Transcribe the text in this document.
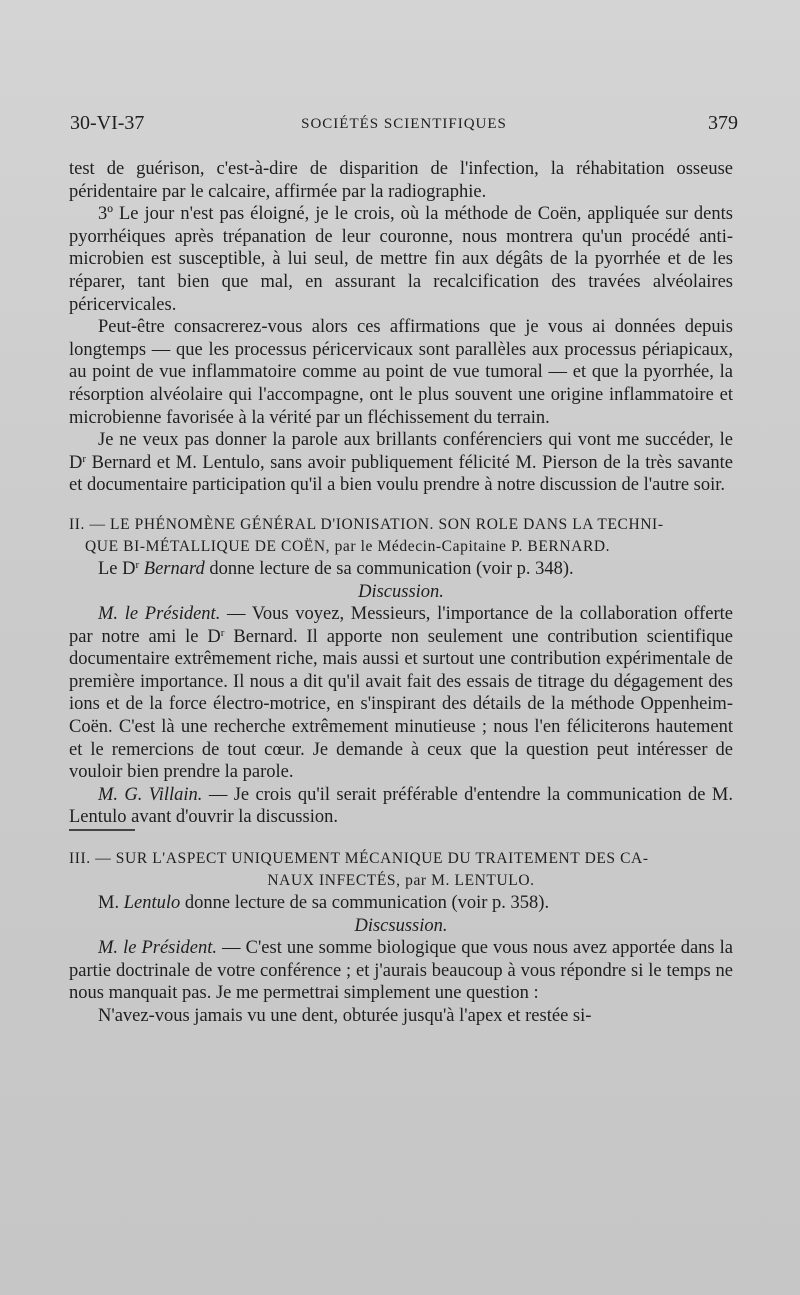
30-VI-37	SOCIÉTÉS SCIENTIFIQUES	379

test de guérison, c'est-à-dire de disparition de l'infection, la réhabitation osseuse péridentaire par le calcaire, affirmée par la radiographie.

3º Le jour n'est pas éloigné, je le crois, où la méthode de Coën, appliquée sur dents pyorrhéiques après trépanation de leur couronne, nous montrera qu'un procédé anti-microbien est susceptible, à lui seul, de mettre fin aux dégâts de la pyorrhée et de les réparer, tant bien que mal, en assurant la recalcification des travées alvéolaires péricervicales.

Peut-être consacrerez-vous alors ces affirmations que je vous ai données depuis longtemps — que les processus péricervicaux sont parallèles aux processus périapicaux, au point de vue inflammatoire comme au point de vue tumoral — et que la pyorrhée, la résorption alvéolaire qui l'accompagne, ont le plus souvent une origine inflammatoire et microbienne favorisée à la vérité par un fléchissement du terrain.

Je ne veux pas donner la parole aux brillants conférenciers qui vont me succéder, le $D^r$ Bernard et M. Lentulo, sans avoir publiquement félicité M. Pierson de la très savante et documentaire participation qu'il a bien voulu prendre à notre discussion de l'autre soir.

II. — LE PHÉNOMÈNE GÉNÉRAL D'IONISATION. SON ROLE DANS LA TECHNI-
QUE BI-MÉTALLIQUE DE COËN, par le Médecin-Capitaine P. BERNARD.

Le $D^r$ Bernard donne lecture de sa communication (voir p. 348).

Discussion.

M. le Président. — Vous voyez, Messieurs, l'importance de la collaboration offerte par notre ami le $D^r$ Bernard. Il apporte non seulement une contribution scientifique documentaire extrêmement riche, mais aussi et surtout une contribution expérimentale de première importance. Il nous a dit qu'il avait fait des essais de titrage du dégagement des ions et de la force électro-motrice, en s'inspirant des détails de la méthode Oppenheim-Coën. C'est là une recherche extrêmement minutieuse ; nous l'en féliciterons hautement et le remercions de tout cœur. Je demande à ceux que la question peut intéresser de vouloir bien prendre la parole.

M. G. Villain. — Je crois qu'il serait préférable d'entendre la communication de M. Lentulo avant d'ouvrir la discussion.

III. — SUR L'ASPECT UNIQUEMENT MÉCANIQUE DU TRAITEMENT DES CA-
NAUX INFECTÉS, par M. LENTULO.

M. Lentulo donne lecture de sa communication (voir p. 358).

Discsussion.

M. le Président. — C'est une somme biologique que vous nous avez apportée dans la partie doctrinale de votre conférence ; et j'aurais beaucoup à vous répondre si le temps ne nous manquait pas. Je me permettrai simplement une question :

N'avez-vous jamais vu une dent, obturée jusqu'à l'apex et restée si-
